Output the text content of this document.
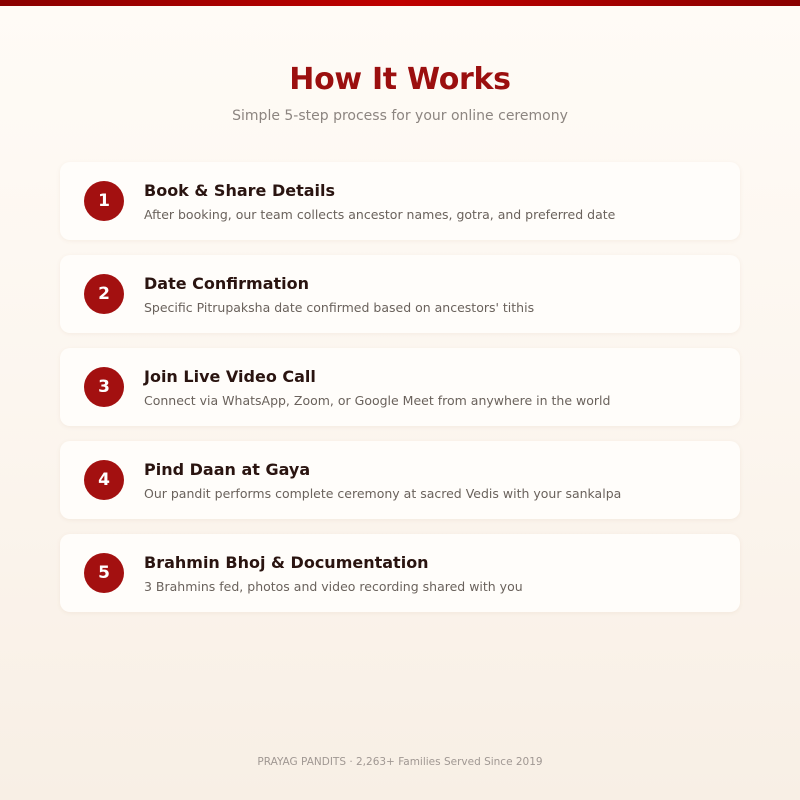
How It Works

Simple 5-step process for your online ceremony

1
Book & Share Details
After booking, our team collects ancestor names, gotra, and preferred date
2
Date Confirmation
Specific Pitrupaksha date confirmed based on ancestors' tithis
3
Join Live Video Call
Connect via WhatsApp, Zoom, or Google Meet from anywhere in the world
4
Pind Daan at Gaya
Our pandit performs complete ceremony at sacred Vedis with your sankalpa
5
Brahmin Bhoj & Documentation
3 Brahmins fed, photos and video recording shared with you
PRAYAG PANDITS · 2,263+ Families Served Since 2019
